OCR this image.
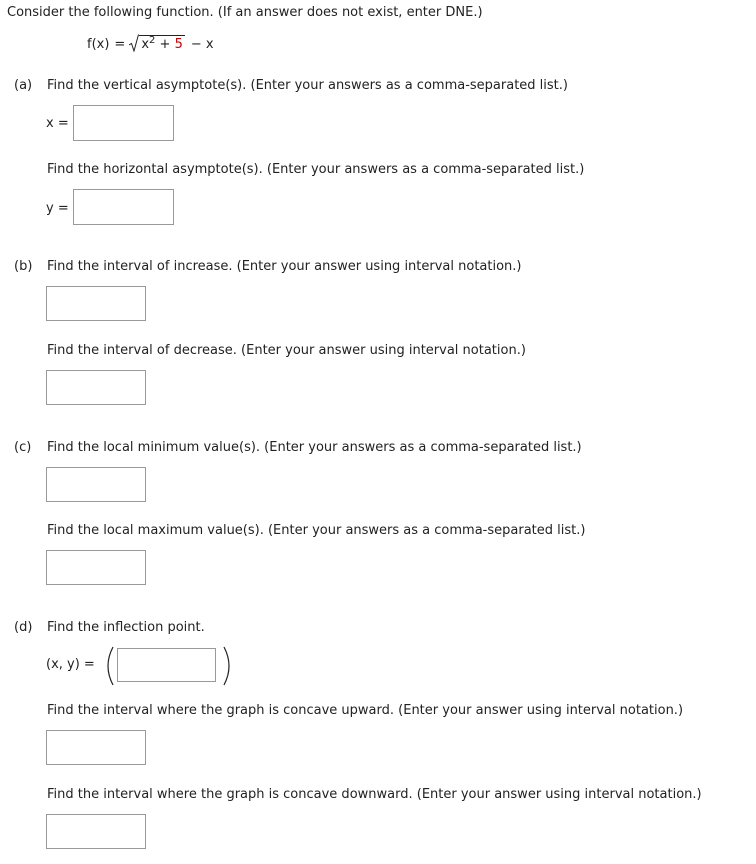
Consider the following function. (If an answer does not exist, enter DNE.)
$f(x) = x^2$
+
5 − x
(a) Find the vertical asymptote(s). (Enter your answers as a comma-separated list.)
x =
Find the horizontal asymptote(s). (Enter your answers as a comma-separated list.)
y =
(b) Find the interval of increase. (Enter your answer using interval notation.)
Find the interval of decrease. (Enter your answer using interval notation.)
(c) Find the local minimum value(s). (Enter your answers as a comma-separated list.)
Find the local maximum value(s). (Enter your answers as a comma-separated list.)
(d) Find the inflection point.
(x, y) =
Find the interval where the graph is concave upward. (Enter your answer using interval notation.)
Find the interval where the graph is concave downward. (Enter your answer using interval notation.)
